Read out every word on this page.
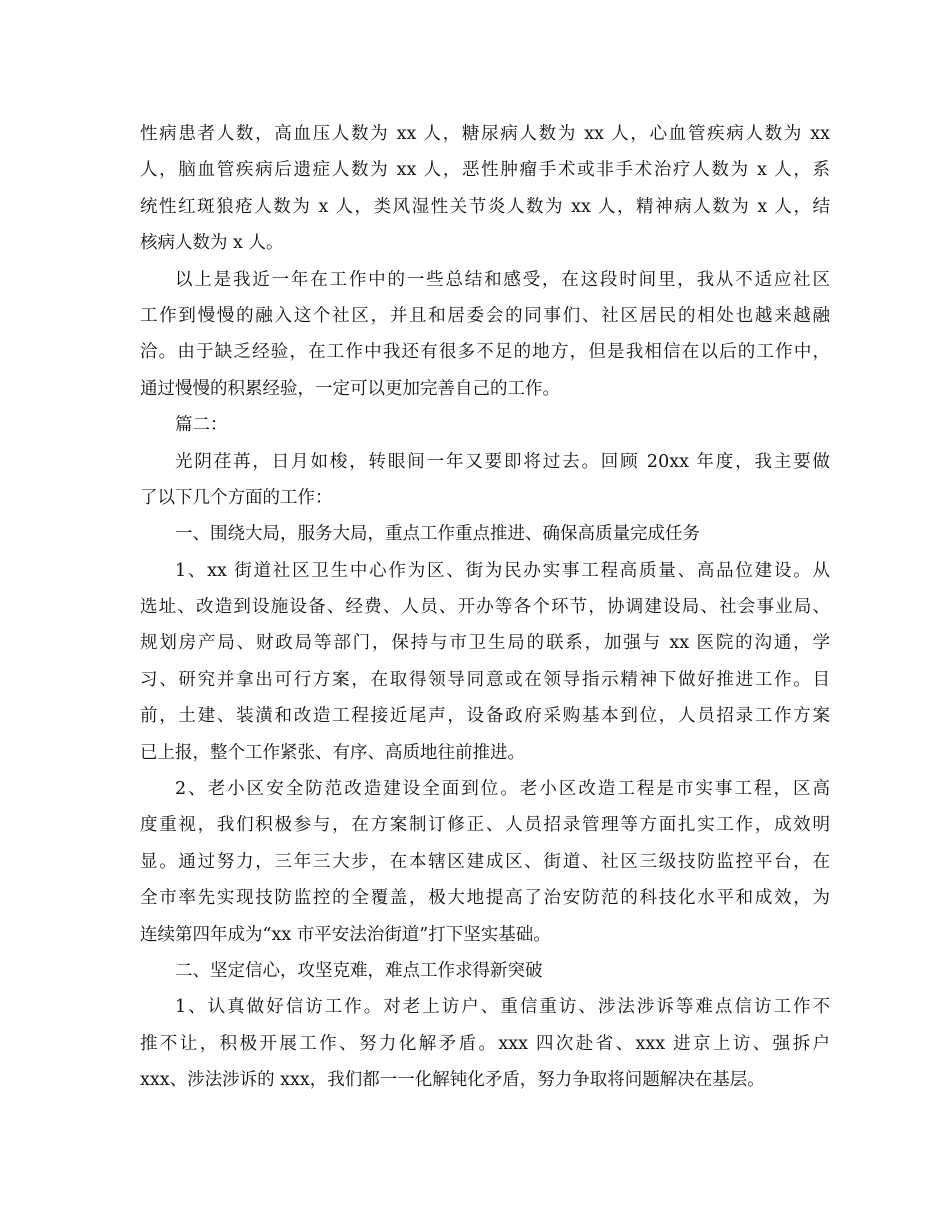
性病患者人数，高血压人数为 xx 人，糖尿病人数为 xx 人，心血管疾病人数为 xx
人，脑血管疾病后遗症人数为 xx 人，恶性肿瘤手术或非手术治疗人数为 x 人，系
统性红斑狼疮人数为 x 人，类风湿性关节炎人数为 xx 人，精神病人数为 x 人，结
核病人数为 x 人。
以上是我近一年在工作中的一些总结和感受，在这段时间里，我从不适应社区
工作到慢慢的融入这个社区，并且和居委会的同事们、社区居民的相处也越来越融
洽。由于缺乏经验，在工作中我还有很多不足的地方，但是我相信在以后的工作中，
通过慢慢的积累经验，一定可以更加完善自己的工作。
篇二：
光阴荏苒，日月如梭，转眼间一年又要即将过去。回顾 20xx 年度，我主要做
了以下几个方面的工作：
一、围绕大局，服务大局，重点工作重点推进、确保高质量完成任务
1、xx 街道社区卫生中心作为区、街为民办实事工程高质量、高品位建设。从
选址、改造到设施设备、经费、人员、开办等各个环节，协调建设局、社会事业局、
规划房产局、财政局等部门，保持与市卫生局的联系，加强与 xx 医院的沟通，学
习、研究并拿出可行方案，在取得领导同意或在领导指示精神下做好推进工作。目
前，土建、装潢和改造工程接近尾声，设备政府采购基本到位，人员招录工作方案
已上报，整个工作紧张、有序、高质地往前推进。
2、老小区安全防范改造建设全面到位。老小区改造工程是市实事工程，区高
度重视，我们积极参与，在方案制订修正、人员招录管理等方面扎实工作，成效明
显。通过努力，三年三大步，在本辖区建成区、街道、社区三级技防监控平台，在
全市率先实现技防监控的全覆盖，极大地提高了治安防范的科技化水平和成效，为
连续第四年成为“xx 市平安法治街道”打下坚实基础。
二、坚定信心，攻坚克难，难点工作求得新突破
1、认真做好信访工作。对老上访户、重信重访、涉法涉诉等难点信访工作不
推不让，积极开展工作、努力化解矛盾。xxx 四次赴省、xxx 进京上访、强拆户
xxx、涉法涉诉的 xxx，我们都一一化解钝化矛盾，努力争取将问题解决在基层。
